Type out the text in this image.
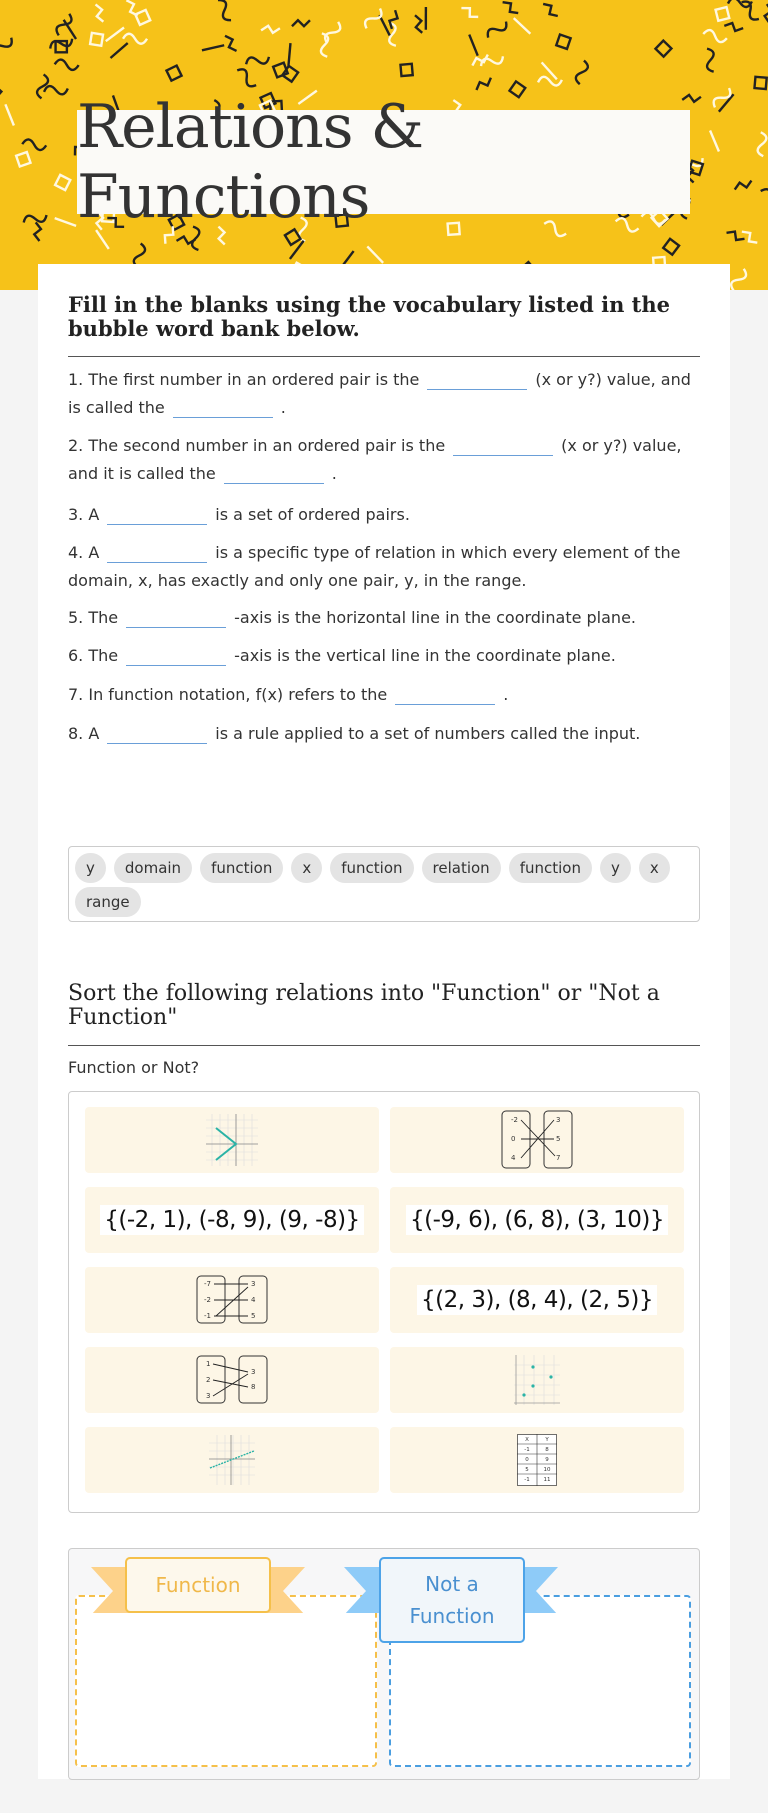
Relations & Functions
Fill in the blanks using the vocabulary listed in the bubble word bank below.
1. The first number in an ordered pair is the	(x or y?) value, and is called the	.
2. The second number in an ordered pair is the	(x or y?) value, and it is called the	.
3. A	is a set of ordered pairs.
4. A	is a specific type of relation in which every element of the domain, x, has exactly and only one pair, y, in the range.
5. The	-axis is the horizontal line in the coordinate plane.
6. The	-axis is the vertical line in the coordinate plane.
7. In function notation, f(x) refers to the	.
8. A	is a rule applied to a set of numbers called the input.
y	domain	function	x	function	relation	function	y	x
range
Sort the following relations into "Function" or "Not a Function"
Function or Not?
-2
0
4
3
5
7
{(-2, 1), (-8, 9), (9, -8)} {(-9, 6), (6, 8), (3, 10)}
-7
-2
-1
3
4
5
{(2, 3), (8, 4), (2, 5)}
1
2
3
3
8
X	Y
-1	8
0	9
5	10
-1	11
Function	Not a
Function
